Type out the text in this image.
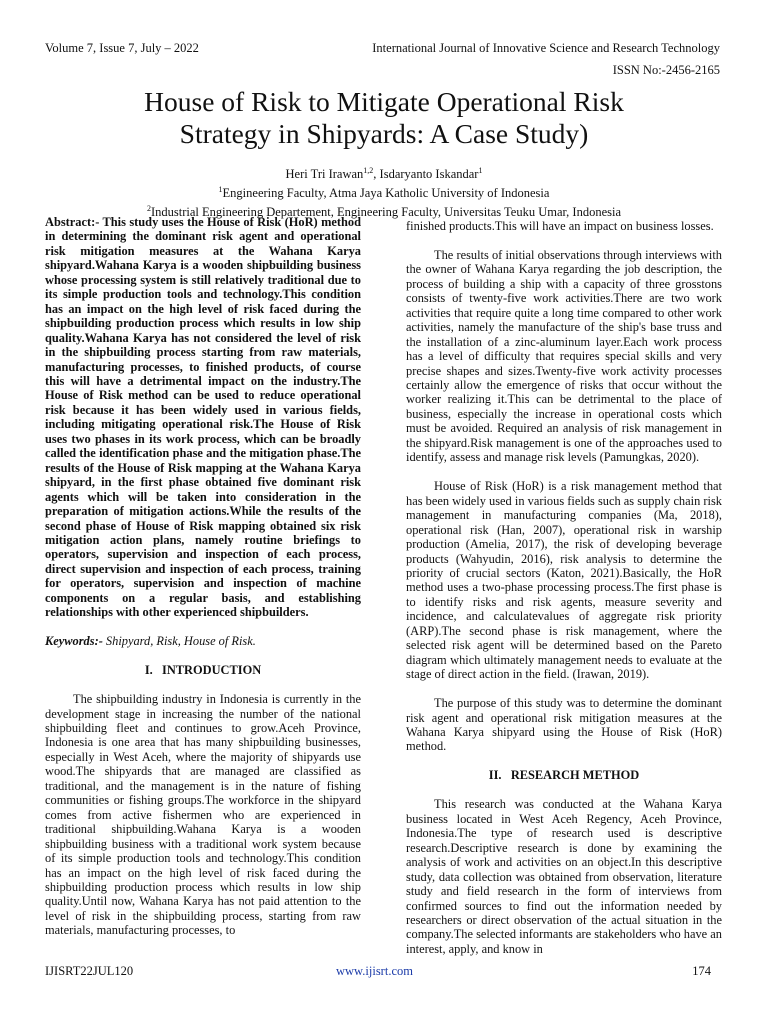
Volume 7, Issue 7, July – 2022	International Journal of Innovative Science and Research Technology
ISSN No:-2456-2165
House of Risk to Mitigate Operational Risk
Strategy in Shipyards: A Case Study)
Heri Tri Irawan$^{1,2}$, Isdaryanto Iskandar$^1$
$^1$Engineering Faculty, Atma Jaya Katholic University of Indonesia
$^2$Industrial Engineering Departement, Engineering Faculty, Universitas Teuku Umar, Indonesia

Abstract:- This study uses the House of Risk (HoR) method in determining the dominant risk agent and operational risk mitigation measures at the Wahana Karya shipyard.Wahana Karya is a wooden shipbuilding business whose processing system is still relatively traditional due to its simple production tools and technology.This condition has an impact on the high level of risk faced during the shipbuilding production process which results in low ship quality.Wahana Karya has not considered the level of risk in the shipbuilding process starting from raw materials, manufacturing processes, to finished products, of course this will have a detrimental impact on the industry.The House of Risk method can be used to reduce operational risk because it has been widely used in various fields, including mitigating operational risk.The House of Risk uses two phases in its work process, which can be broadly called the identification phase and the mitigation phase.The results of the House of Risk mapping at the Wahana Karya shipyard, in the first phase obtained five dominant risk agents which will be taken into consideration in the preparation of mitigation actions.While the results of the second phase of House of Risk mapping obtained six risk mitigation action plans, namely routine briefings to operators, supervision and inspection of each process, direct supervision and inspection of each process, training for operators, supervision and inspection of machine components on a regular basis, and establishing relationships with other experienced shipbuilders.

Keywords:- Shipyard, Risk, House of Risk.

I.   INTRODUCTION

The shipbuilding industry in Indonesia is currently in the development stage in increasing the number of the national shipbuilding fleet and continues to grow.Aceh Province, Indonesia is one area that has many shipbuilding businesses, especially in West Aceh, where the majority of shipyards use wood.The shipyards that are managed are classified as traditional, and the management is in the nature of fishing communities or fishing groups.The workforce in the shipyard comes from active fishermen who are experienced in traditional shipbuilding.Wahana Karya is a wooden shipbuilding business with a traditional work system because of its simple production tools and technology.This condition has an impact on the high level of risk faced during the shipbuilding production process which results in low ship quality.Until now, Wahana Karya has not paid attention to the level of risk in the shipbuilding process, starting from raw materials, manufacturing processes, to

finished products.This will have an impact on business losses.

The results of initial observations through interviews with the owner of Wahana Karya regarding the job description, the process of building a ship with a capacity of three grosstons consists of twenty-five work activities.There are two work activities that require quite a long time compared to other work activities, namely the manufacture of the ship's base truss and the installation of a zinc-aluminum layer.Each work process has a level of difficulty that requires special skills and very precise shapes and sizes.Twenty-five work activity processes certainly allow the emergence of risks that occur without the worker realizing it.This can be detrimental to the place of business, especially the increase in operational costs which must be avoided. Required an analysis of risk management in the shipyard.Risk management is one of the approaches used to identify, assess and manage risk levels (Pamungkas, 2020).

House of Risk (HoR) is a risk management method that has been widely used in various fields such as supply chain risk management in manufacturing companies (Ma, 2018), operational risk (Han, 2007), operational risk in warship production (Amelia, 2017), the risk of developing beverage products (Wahyudin, 2016), risk analysis to determine the priority of crucial sectors (Katon, 2021).Basically, the HoR method uses a two-phase processing process.The first phase is to identify risks and risk agents, measure severity and incidence, and calculatevalues of aggregate risk priority (ARP).The second phase is risk management, where the selected risk agent will be determined based on the Pareto diagram which ultimately management needs to evaluate at the stage of direct action in the field. (Irawan, 2019).

The purpose of this study was to determine the dominant risk agent and operational risk mitigation measures at the Wahana Karya shipyard using the House of Risk (HoR) method.

II.   RESEARCH METHOD

This research was conducted at the Wahana Karya business located in West Aceh Regency, Aceh Province, Indonesia.The type of research used is descriptive research.Descriptive research is done by examining the analysis of work and activities on an object.In this descriptive study, data collection was obtained from observation, literature study and field research in the form of interviews from confirmed sources to find out the information needed by researchers or direct observation of the actual situation in the company.The selected informants are stakeholders who have an interest, apply, and know in

IJISRT22JUL120	www.ijisrt.com	174
